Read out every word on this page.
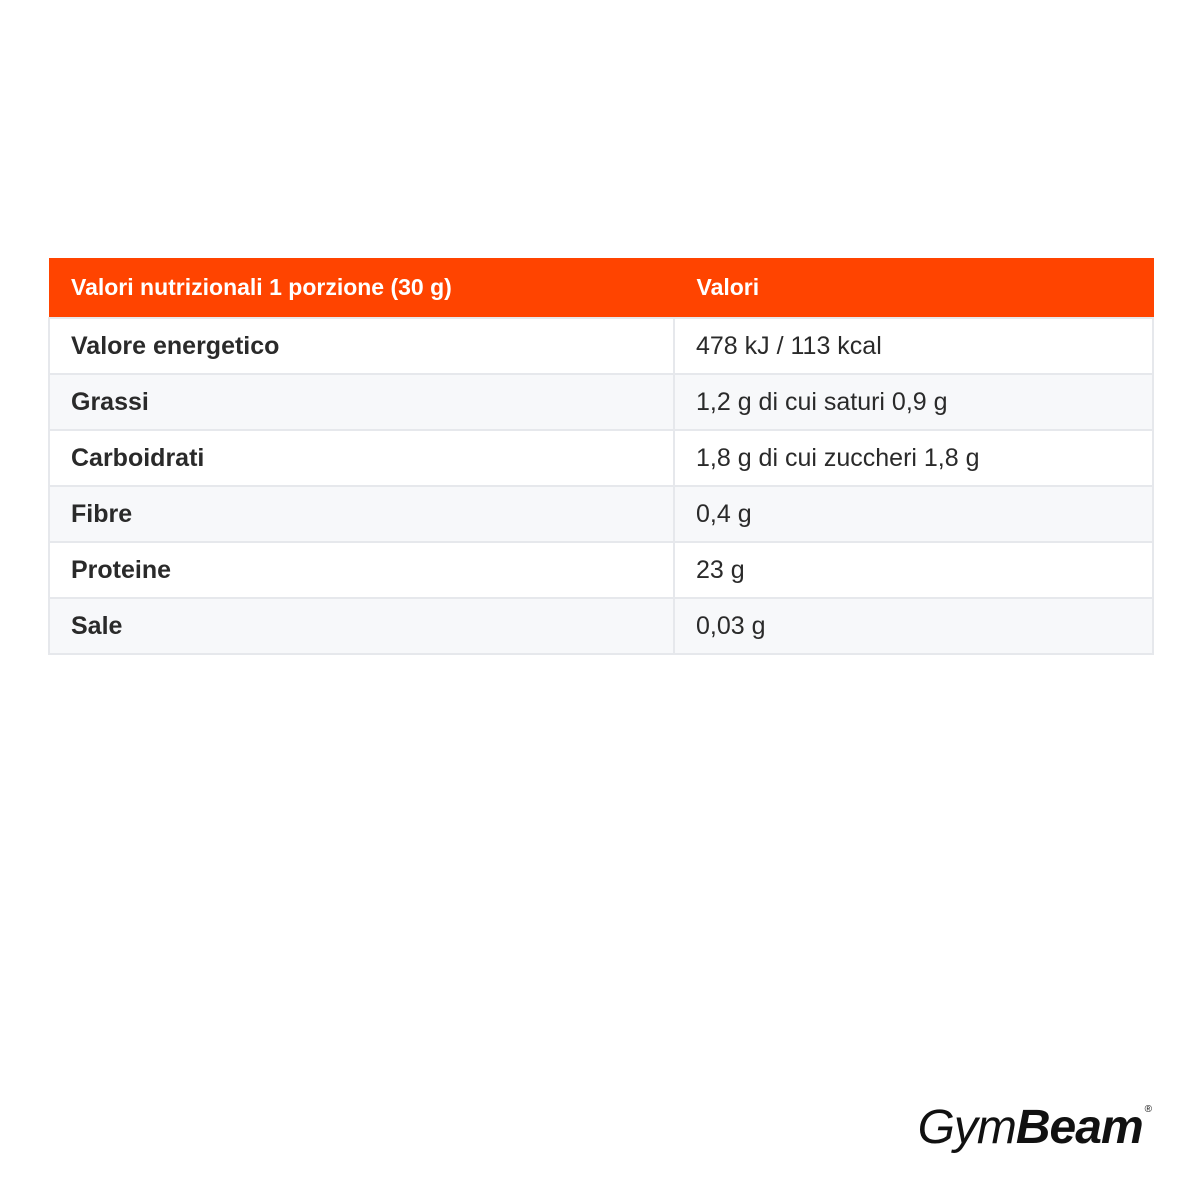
Valori nutrizionali 1 porzione (30 g)	Valori
Valore energetico	478 kJ / 113 kcal
Grassi	1,2 g di cui saturi 0,9 g
Carboidrati	1,8 g di cui zuccheri 1,8 g
Fibre	0,4 g
Proteine	23 g
Sale	0,03 g
Gym Beam ®
